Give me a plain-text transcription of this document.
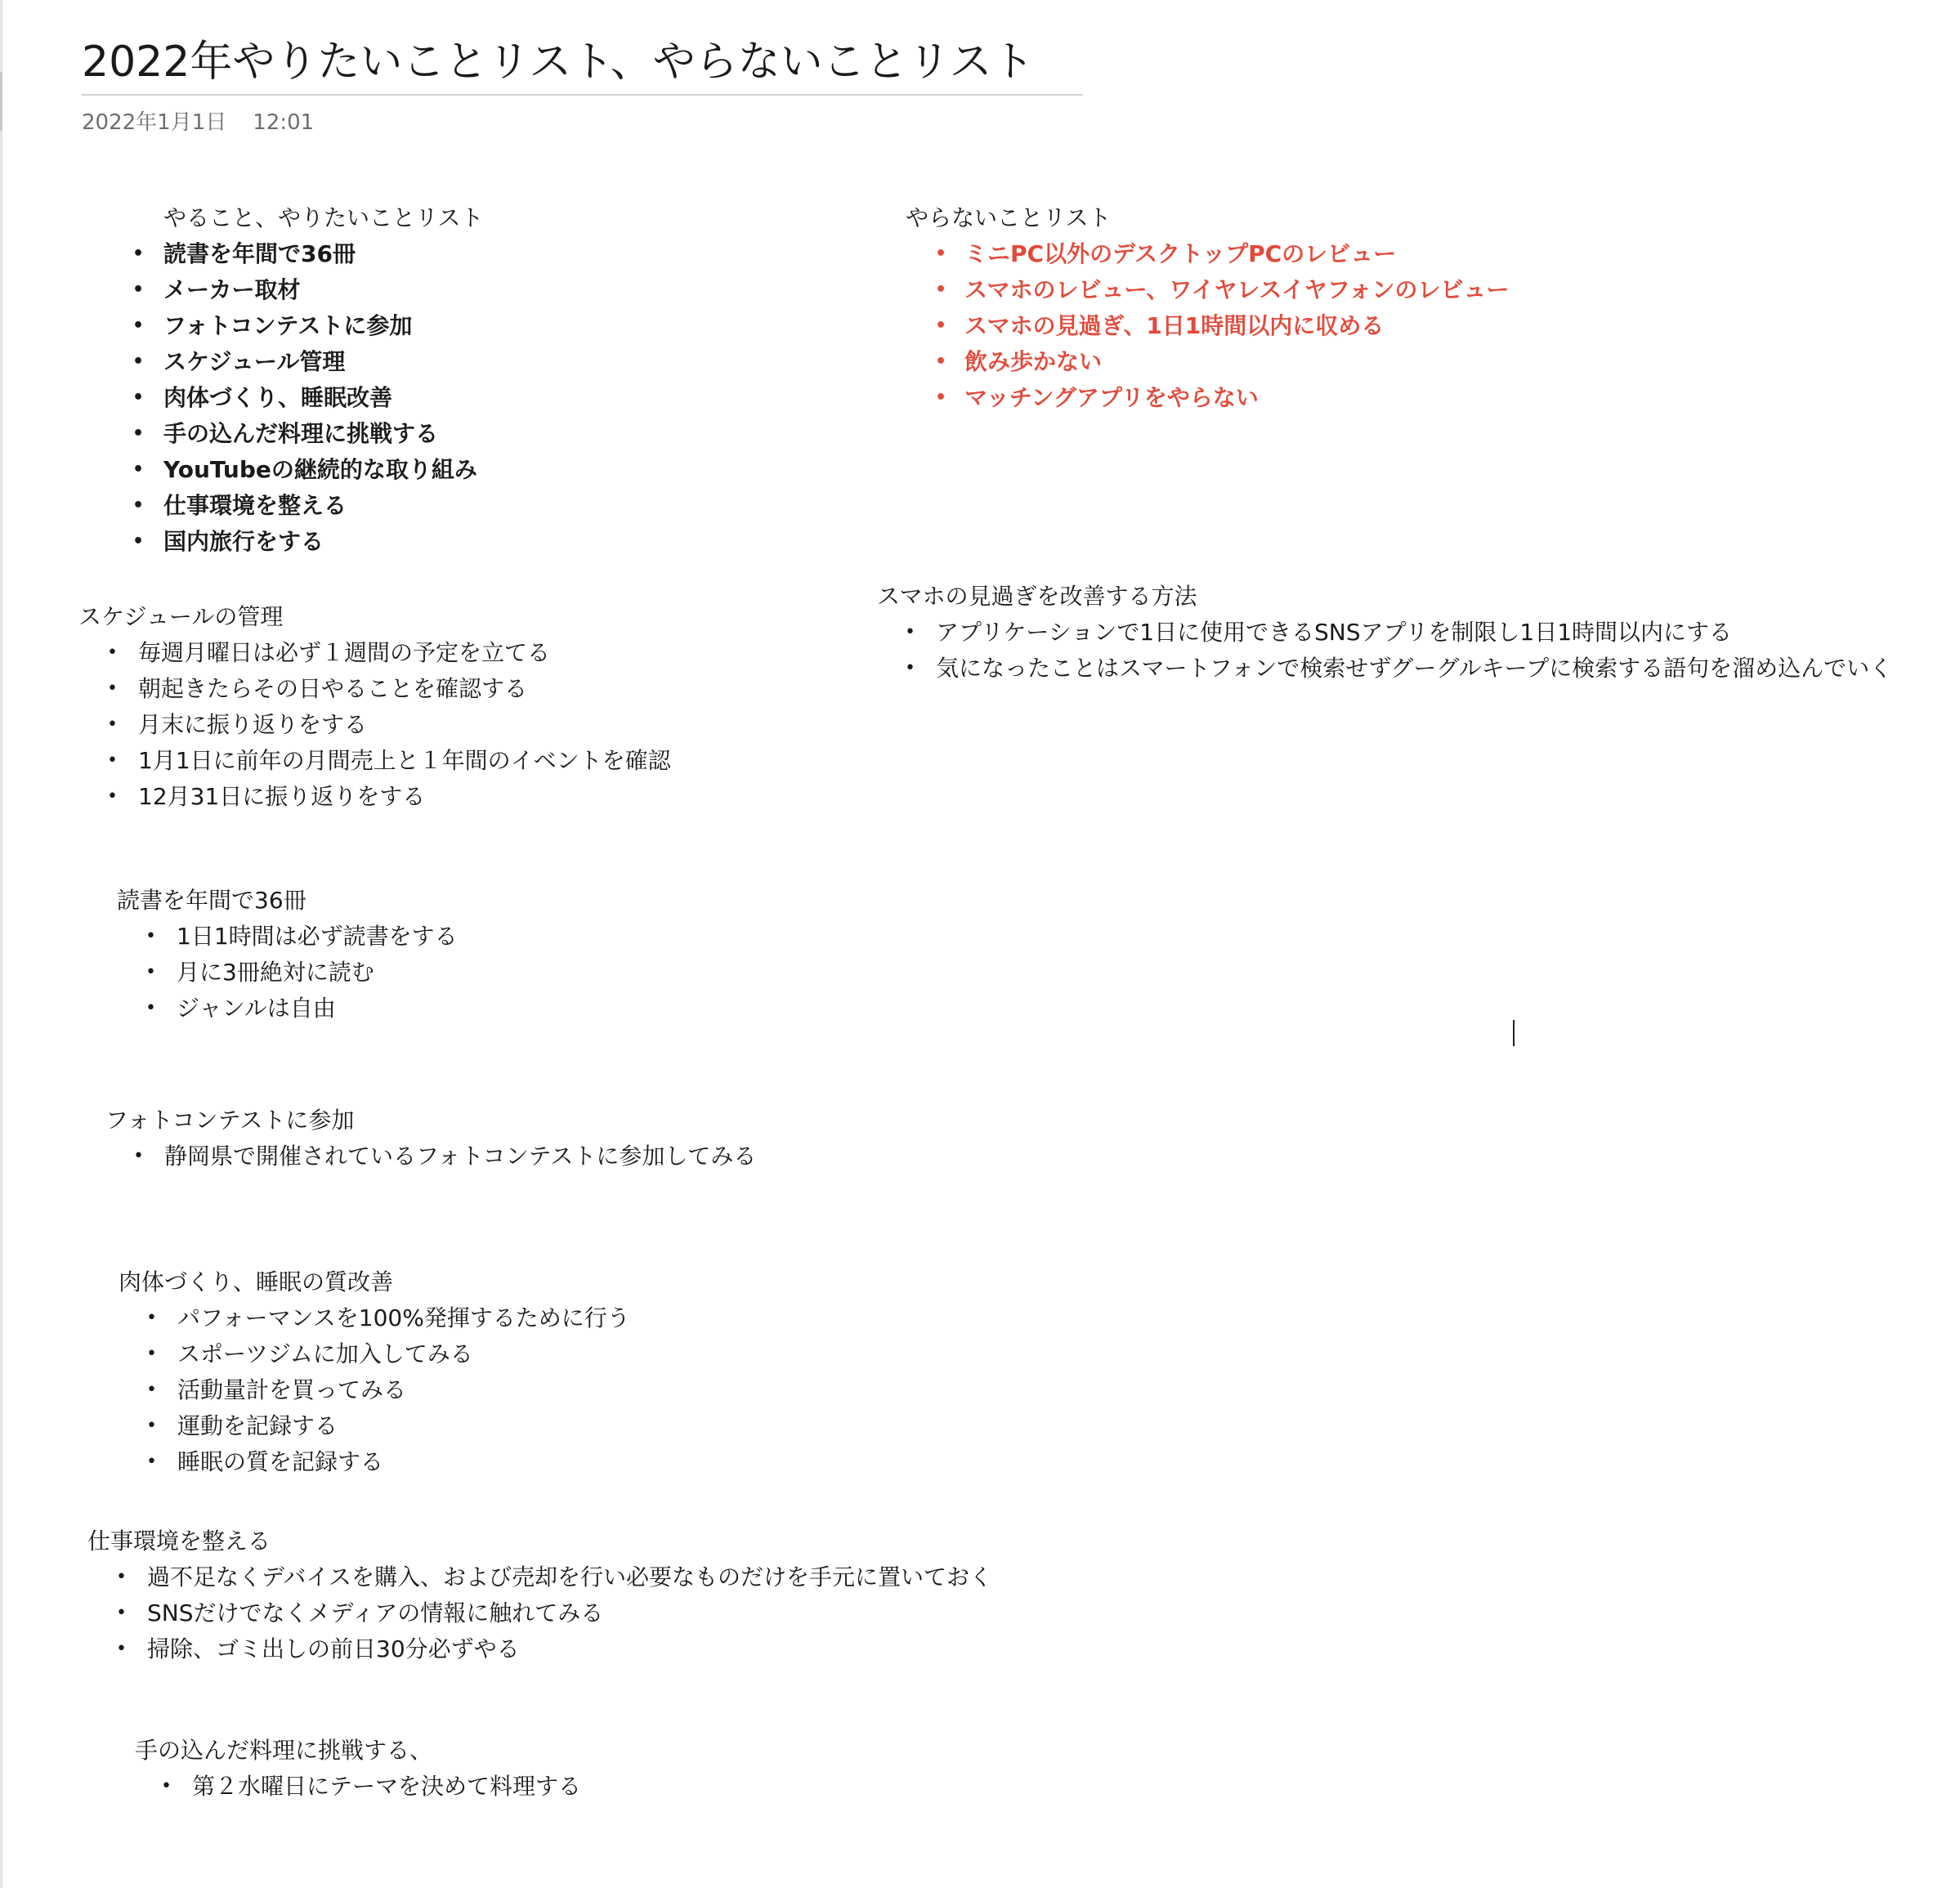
2022年やりたいことリスト、やらないことリスト
2022年1月1日 12:01
やること、やりたいことリスト
• 読書を年間で36冊
• メーカー取材
• フォトコンテストに参加
• スケジュール管理
• 肉体づくり、睡眠改善
• 手の込んだ料理に挑戦する
• YouTubeの継続的な取り組み
• 仕事環境を整える
• 国内旅行をする
やらないことリスト
• ミニPC以外のデスクトップPCのレビュー
• スマホのレビュー、ワイヤレスイヤフォンのレビュー
• スマホの見過ぎ、1日1時間以内に収める
• 飲み歩かない
• マッチングアプリをやらない
スケジュールの管理
• 毎週月曜日は必ず１週間の予定を立てる
• 朝起きたらその日やることを確認する
• 月末に振り返りをする
• 1月1日に前年の月間売上と１年間のイベントを確認
• 12月31日に振り返りをする
スマホの見過ぎを改善する方法
• アプリケーションで1日に使用できるSNSアプリを制限し1日1時間以内にする
• 気になったことはスマートフォンで検索せずグーグルキープに検索する語句を溜め込んでいく
読書を年間で36冊
• 1日1時間は必ず読書をする
• 月に3冊絶対に読む
• ジャンルは自由
フォトコンテストに参加
• 静岡県で開催されているフォトコンテストに参加してみる
肉体づくり、睡眠の質改善
• パフォーマンスを100%発揮するために行う
• スポーツジムに加入してみる
• 活動量計を買ってみる
• 運動を記録する
• 睡眠の質を記録する
仕事環境を整える
• 過不足なくデバイスを購入、および売却を行い必要なものだけを手元に置いておく
• SNSだけでなくメディアの情報に触れてみる
• 掃除、ゴミ出しの前日30分必ずやる
手の込んだ料理に挑戦する、
• 第２水曜日にテーマを決めて料理する
